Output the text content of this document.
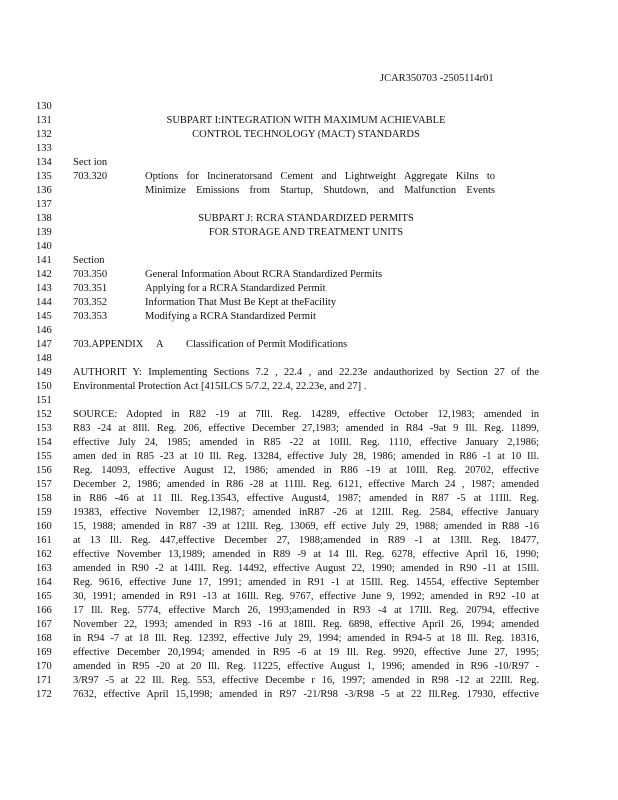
JCAR350703 -2505114r01
130
131
132
133
134
135
136
137
138
139
140
141
142
143
144
145
146
147
148
149
150
151
152
153
154
155
156
157
158
159
160
161
162
163
164
165
166
167
168
169
170
171
172
SUBPART I:INTEGRATION WITH MAXIMUM ACHIEVABLE
CONTROL TECHNOLOGY (MACT) STANDARDS
Sect ion
703.320	Options for Incineratorsand Cement and Lightweight Aggregate Kilns to
Minimize Emissions from Startup, Shutdown, and Malfunction Events
SUBPART J: RCRA STANDARDIZED PERMITS
FOR STORAGE AND TREATMENT UNITS
Section
703.350	General Information About RCRA Standardized Permits
703.351	Applying for a RCRA Standardized Permit
703.352	Information That Must Be Kept at theFacility
703.353	Modifying a RCRA Standardized Permit
703.APPENDIX A Classification of Permit Modifications
AUTHORIT Y: Implementing Sections 7.2 , 22.4 , and 22.23e andauthorized by Section 27 of the
Environmental Protection Act [415ILCS 5/7.2, 22.4, 22.23e, and 27] .
SOURCE: Adopted in R82 -19 at 7Ill. Reg. 14289, effective October 12,1983; amended in
R83 -24 at 8Ill. Reg. 206, effective December 27,1983; amended in R84 -9at 9 Ill. Reg. 11899,
effective July 24, 1985; amended in R85 -22 at 10Ill. Reg. 1110, effective January 2,1986;
amen ded in R85 -23 at 10 Ill. Reg. 13284, effective July 28, 1986; amended in R86 -1 at 10 Ill.
Reg. 14093, effective August 12, 1986; amended in R86 -19 at 10Ill. Reg. 20702, effective
December 2, 1986; amended in R86 -28 at 11Ill. Reg. 6121, effective March 24 , 1987; amended
in R86 -46 at 11 Ill. Reg.13543, effective August4, 1987; amended in R87 -5 at 11Ill. Reg.
19383, effective November 12,1987; amended inR87 -26 at 12Ill. Reg. 2584, effective January
15, 1988; amended in R87 -39 at 12Ill. Reg. 13069, eff ective July 29, 1988; amended in R88 -16
at 13 Ill. Reg. 447,effective December 27, 1988;amended in R89 -1 at 13Ill. Reg. 18477,
effective November 13,1989; amended in R89 -9 at 14 Ill. Reg. 6278, effective April 16, 1990;
amended in R90 -2 at 14Ill. Reg. 14492, effective August 22, 1990; amended in R90 -11 at 15Ill.
Reg. 9616, effective June 17, 1991; amended in R91 -1 at 15Ill. Reg. 14554, effective September
30, 1991; amended in R91 -13 at 16Ill. Reg. 9767, effective June 9, 1992; amended in R92 -10 at
17 Ill. Reg. 5774, effective March 26, 1993;amended in R93 -4 at 17Ill. Reg. 20794, effective
November 22, 1993; amended in R93 -16 at 18Ill. Reg. 6898, effective April 26, 1994; amended
in R94 -7 at 18 Ill. Reg. 12392, effective July 29, 1994; amended in R94-5 at 18 Ill. Reg. 18316,
effective December 20,1994; amended in R95 -6 at 19 Ill. Reg. 9920, effective June 27, 1995;
amended in R95 -20 at 20 Ill. Reg. 11225, effective August 1, 1996; amended in R96 -10/R97 -
3/R97 -5 at 22 Ill. Reg. 553, effective Decembe r 16, 1997; amended in R98 -12 at 22Ill. Reg.
7632, effective April 15,1998; amended in R97 -21/R98 -3/R98 -5 at 22 Ill.Reg. 17930, effective
